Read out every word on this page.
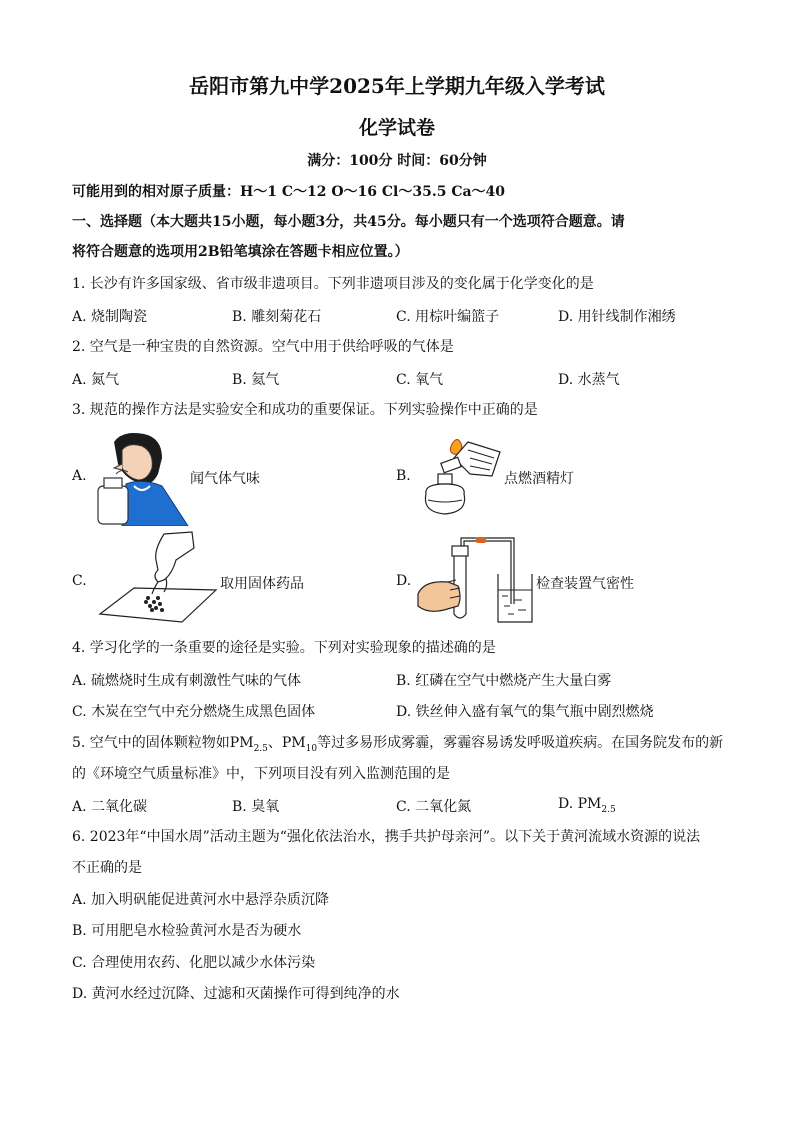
岳阳市第九中学2025年上学期九年级入学考试
化学试卷
满分：100分 时间：60分钟
可能用到的相对原子质量：H～1 C～12 O～16 Cl～35.5 Ca～40
一、选择题（本大题共15小题，每小题3分，共45分。每小题只有一个选项符合题意。请
将符合题意的选项用2B铅笔填涂在答题卡相应位置。）
1. 长沙有许多国家级、省市级非遗项目。下列非遗项目涉及的变化属于化学变化的是
A. 烧制陶瓷	B. 雕刻菊花石	C. 用棕叶编篮子	D. 用针线制作湘绣
2. 空气是一种宝贵的自然资源。空气中用于供给呼吸的气体是
A. 氮气	B. 氦气	C. 氧气	D. 水蒸气
3. 规范的操作方法是实验安全和成功的重要保证。下列实验操作中正确的是
A.	闻气体气味	B.	点燃酒精灯
C.	取用固体药品	D.	检查装置气密性
4. 学习化学的一条重要的途径是实验。下列对实验现象的描述确的是
A. 硫燃烧时生成有刺激性气味的气体	B. 红磷在空气中燃烧产生大量白雾
C. 木炭在空气中充分燃烧生成黑色固体	D. 铁丝伸入盛有氧气的集气瓶中剧烈燃烧
5. 空气中的固体颗粒物如$PM_{2.5}$、$PM_{10}$等过多易形成雾霾，雾霾容易诱发呼吸道疾病。在国务院发布的新
的《环境空气质量标准》中，下列项目没有列入监测范围的是
A. 二氧化碳	B. 臭氧	C. 二氧化氮	D. $PM_{2.5}$
6. 2023年“中国水周”活动主题为“强化依法治水，携手共护母亲河”。以下关于黄河流域水资源的说法
不正确的是
A. 加入明矾能促进黄河水中悬浮杂质沉降
B. 可用肥皂水检验黄河水是否为硬水
C. 合理使用农药、化肥以减少水体污染
D. 黄河水经过沉降、过滤和灭菌操作可得到纯净的水
